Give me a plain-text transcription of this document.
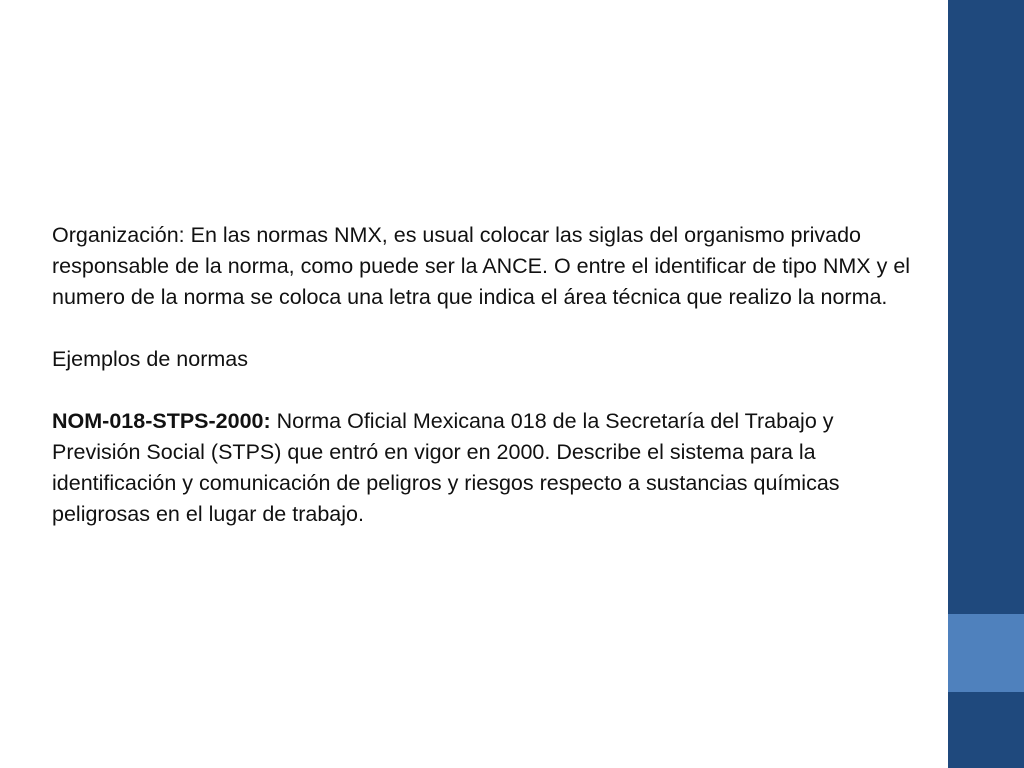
Organización: En las normas NMX, es usual colocar las siglas del organismo privado responsable de la norma, como puede ser la ANCE. O entre el identificar de tipo NMX y el numero de la norma se coloca una letra que indica el área técnica que realizo la norma.

Ejemplos de normas

NOM-018-STPS-2000: Norma Oficial Mexicana 018 de la Secretaría del Trabajo y Previsión Social (STPS) que entró en vigor en 2000. Describe el sistema para la identificación y comunicación de peligros y riesgos respecto a sustancias químicas peligrosas en el lugar de trabajo.
